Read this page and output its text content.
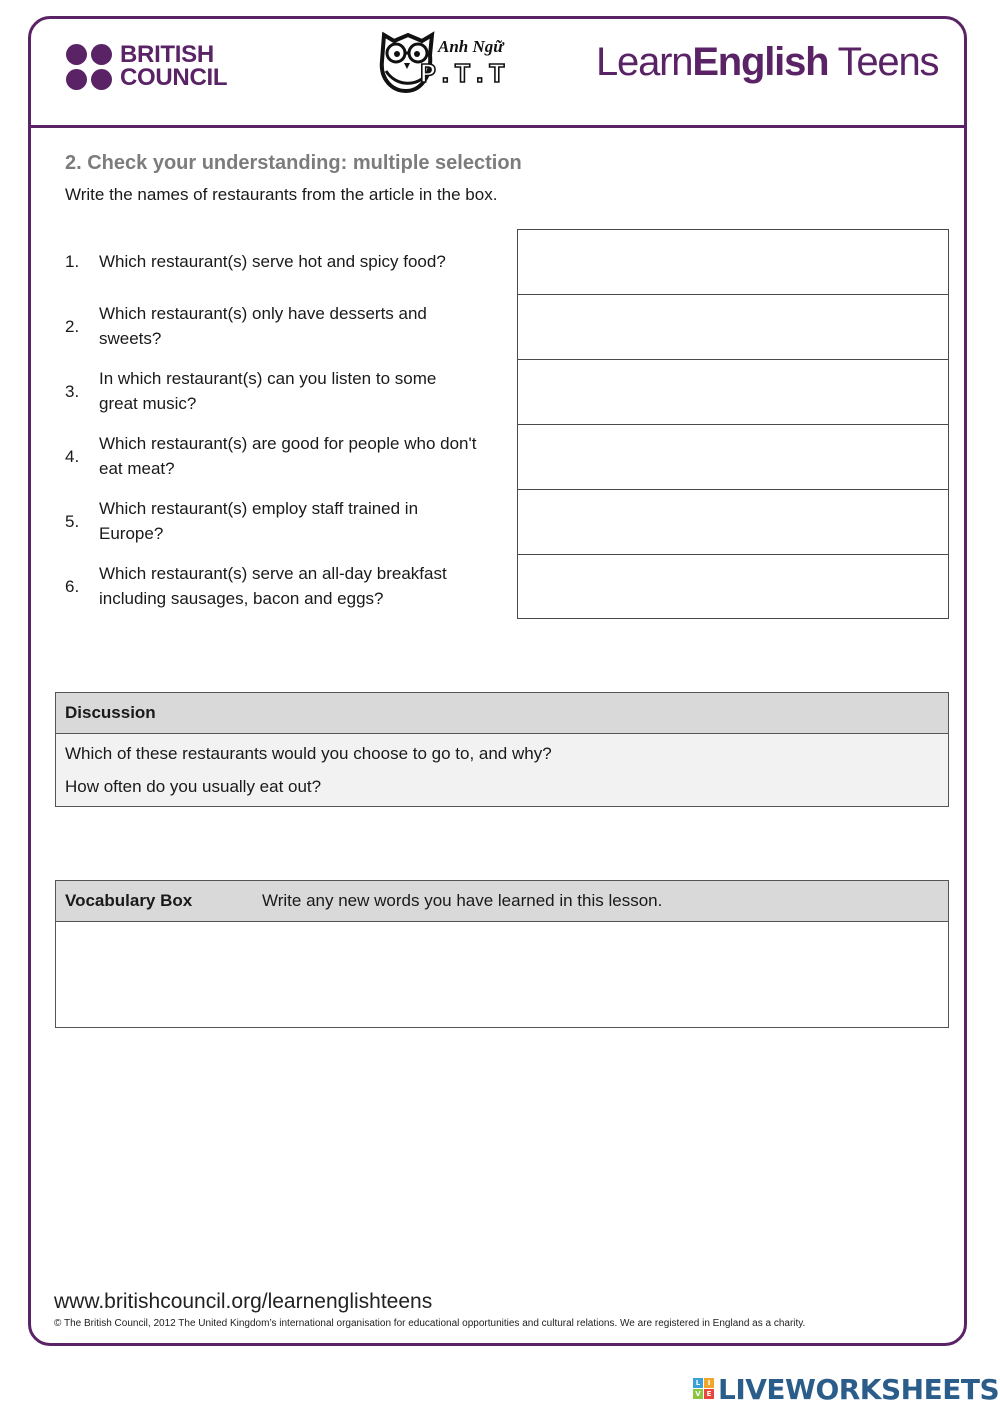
BRITISH
COUNCIL
Anh Ngữ
P.T.T LearnEnglish Teens
2. Check your understanding: multiple selection
Write the names of restaurants from the article in the box.
1. Which restaurant(s) serve hot and spicy food?
2.
Which restaurant(s) only have desserts and sweets?
3.
In which restaurant(s) can you listen to some great music?
4.
Which restaurant(s) are good for people who don't eat meat?
5.
Which restaurant(s) employ staff trained in Europe?
6.
Which restaurant(s) serve an all-day breakfast including sausages, bacon and eggs?
Discussion
Which of these restaurants would you choose to go to, and why?
How often do you usually eat out?
Vocabulary Box	Write any new words you have learned in this lesson.
www.britishcouncil.org/learnenglishteens
© The British Council, 2012 The United Kingdom’s international organisation for educational opportunities and cultural relations. We are registered in England as a charity.
L	I
V E LIVEWORKSHEETS
